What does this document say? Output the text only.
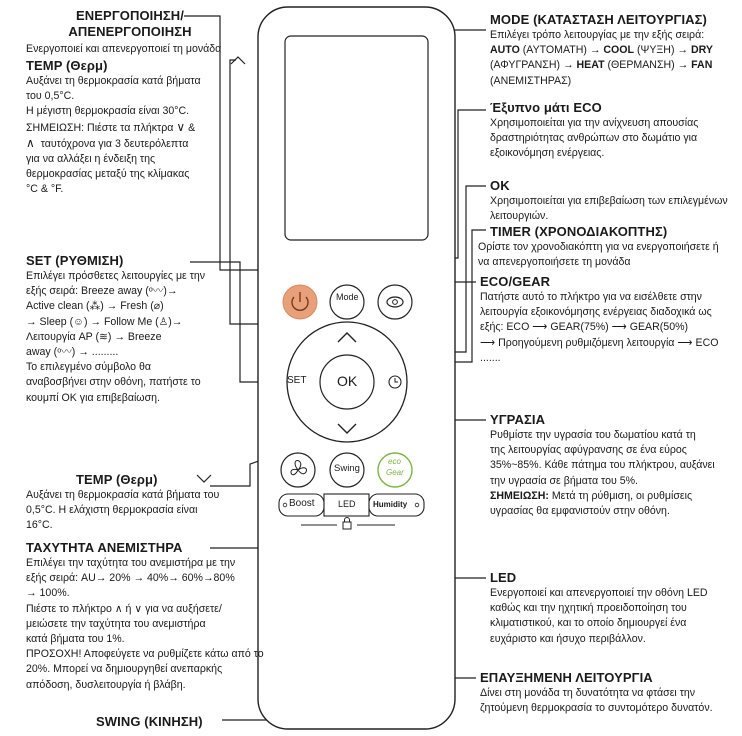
Mode
SET OK
Swing
eco
Gear
Boost	LED Humidity
ΕΝΕΡΓΟΠΟΙΗΣΗ/
ΑΠΕΝΕΡΓΟΠΟΙΗΣΗ
Ενεργοποιεί και απενεργοποιεί τη μονάδα
TEMP (Θερμ)
Αυξάνει τη θερμοκρασία κατά βήματα
του 0,5°C.
Η μέγιστη θερμοκρασία είναι 30°C.
ΣΗΜΕΙΩΣΗ: Πιέστε τα πλήκτρα ∨ &
∧ ταυτόχρονα για 3 δευτερόλεπτα
για να αλλάξει η ένδειξη της
θερμοκρασίας μεταξύ της κλίμακας
°C & °F.
SET (ΡΥΘΜΙΣΗ)
Επιλέγει πρόσθετες λειτουργίες με την
εξής σειρά: Breeze away (ᵒ〰)→
Active clean (⁂) → Fresh (⌀)
→ Sleep (☺) → Follow Me (♙)→
Λειτουργία AP (≋) → Breeze
away (ᵒ〰) → .........
Το επιλεγμένο σύμβολο θα
αναβοσβήνει στην οθόνη, πατήστε το
κουμπί OK για επιβεβαίωση.
TEMP (Θερμ)
Αυξάνει τη θερμοκρασία κατά βήματα του
0,5°C. Η ελάχιστη θερμοκρασία είναι
16°C.
ΤΑΧΥΤΗΤΑ ΑΝΕΜΙΣΤΗΡΑ
Επιλέγει την ταχύτητα του ανεμιστήρα με την
εξής σειρά: AU→ 20% → 40%→ 60%→80%
→ 100%.
Πιέστε το πλήκτρο ∧ ή ∨ για να αυξήσετε/
μειώσετε την ταχύτητα του ανεμιστήρα
κατά βήματα του 1%.
ΠΡΟΣΟΧΗ! Αποφεύγετε να ρυθμίζετε κάτω από το
20%. Μπορεί να δημιουργηθεί ανεπαρκής
απόδοση, δυσλειτουργία ή βλάβη.
SWING (ΚΙΝΗΣΗ)
MODE (ΚΑΤΑΣΤΑΣΗ ΛΕΙΤΟΥΡΓΙΑΣ)
Επιλέγει τρόπο λειτουργίας με την εξής σειρά:
AUTO (ΑΥΤΟΜΑΤΗ) → COOL (ΨΥΞΗ) → DRY
(ΑΦΥΓΡΑΝΣΗ) → HEAT (ΘΕΡΜΑΝΣΗ) → FAN
(ΑΝΕΜΙΣΤΗΡΑΣ)
Έξυπνο μάτι ECO
Χρησιμοποιείται για την ανίχνευση απουσίας
δραστηριότητας ανθρώπων στο δωμάτιο για
εξοικονόμηση ενέργειας.
OK
Χρησιμοποιείται για επιβεβαίωση των επιλεγμένων
λειτουργιών.
TIMER (ΧΡΟΝΟΔΙΑΚΟΠΤΗΣ)
Ορίστε τον χρονοδιακόπτη για να ενεργοποιήσετε ή
να απενεργοποιήσετε τη μονάδα
ECO/GEAR
Πατήστε αυτό το πλήκτρο για να εισέλθετε στην
λειτουργία εξοικονόμησης ενέργειας διαδοχικά ως
εξής: ECO ⟶ GEAR(75%) ⟶ GEAR(50%)
⟶ Προηγούμενη ρυθμιζόμενη λειτουργία ⟶ ECO
.......
ΥΓΡΑΣΙΑ
Ρυθμίστε την υγρασία του δωματίου κατά τη
της λειτουργίας αφύγρανσης σε ένα εύρος
35%~85%. Κάθε πάτημα του πλήκτρου, αυξάνει
την υγρασία σε βήματα του 5%.
ΣΗΜΕΙΩΣΗ: Μετά τη ρύθμιση, οι ρυθμίσεις
υγρασίας θα εμφανιστούν στην οθόνη.
LED
Ενεργοποιεί και απενεργοποιεί την οθόνη LED
καθώς και την ηχητική προειδοποίηση του
κλιματιστικού, και το οποίο δημιουργεί ένα
ευχάριστο και ήσυχο περιβάλλον.
ΕΠΑΥΞΗΜΕΝΗ ΛΕΙΤΟΥΡΓΙΑ
Δίνει στη μονάδα τη δυνατότητα να φτάσει την
ζητούμενη θερμοκρασία το συντομότερο δυνατόν.
